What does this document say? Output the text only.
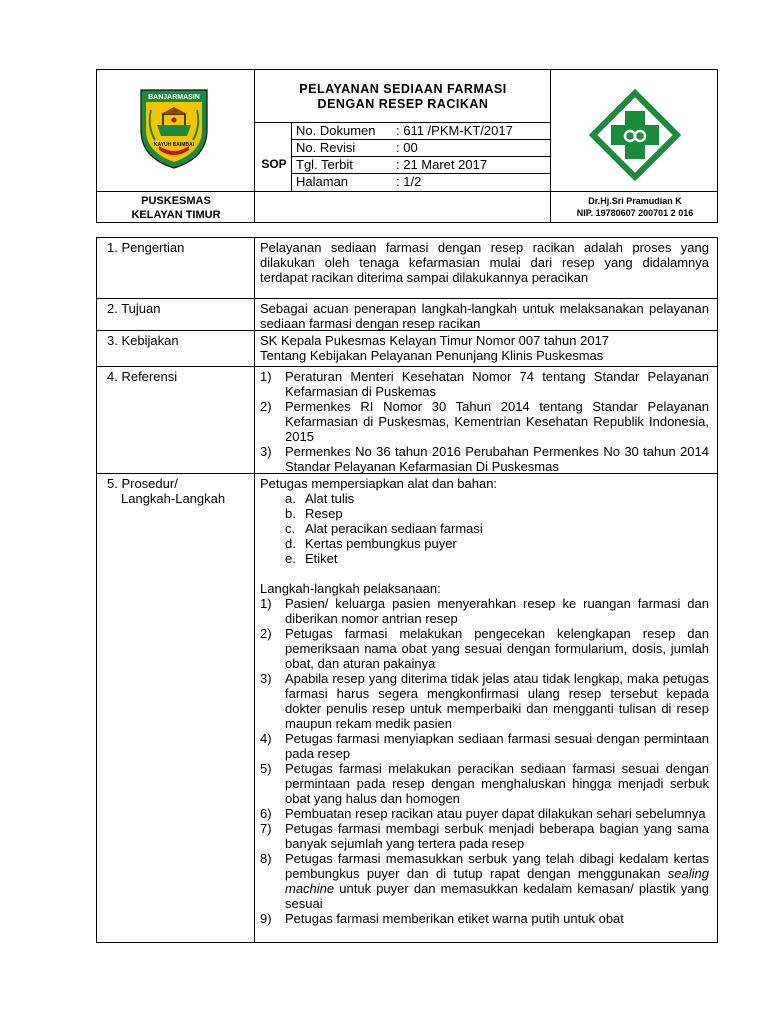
BANJARMASIN
KAYUH BAIMBAI
PUSKESMAS
KELAYAN TIMUR
PELAYANAN SEDIAAN FARMASI
DENGAN RESEP RACIKAN
SOP
No. Dokumen : 611 /PKM-KT/2017
No. Revisi	: 00
Tgl. Terbit	: 21 Maret 2017
Halaman	: 1/2
Dr.Hj.Sri Pramudian K
NIP. 19780607 200701 2 016
1. Pengertian	Pelayanan sediaan farmasi dengan resep racikan adalah proses yang dilakukan oleh tenaga kefarmasian mulai dari resep yang didalamnya terdapat racikan diterima sampai dilakukannya peracikan

2. Tujuan	Sebagai acuan penerapan langkah-langkah untuk melaksanakan pelayanan sediaan farmasi dengan resep racikan

3. Kebijakan	SK Kepala Pukesmas Kelayan Timur Nomor 007 tahun 2017

Tentang Kebijakan Pelayanan Penunjang Klinis Puskesmas

4. Referensi	1) Peraturan Menteri Kesehatan Nomor 74 tentang Standar Pelayanan Kefarmasian di Puskemas
2) Permenkes RI Nomor 30 Tahun 2014 tentang Standar Pelayanan Kefarmasian di Puskesmas, Kementrian Kesehatan Republik Indonesia, 2015
3) Permenkes No 36 tahun 2016 Perubahan Permenkes No 30 tahun 2014 Standar Pelayanan Kefarmasian Di Puskesmas
5. Prosedur/
Langkah-Langkah

Petugas mempersiapkan alat dan bahan:

a. Alat tulis
b. Resep
c. Alat peracikan sediaan farmasi
d. Kertas pembungkus puyer
e. Etiket

Langkah-langkah pelaksanaan:

1) Pasien/ keluarga pasien menyerahkan resep ke ruangan farmasi dan diberikan nomor antrian resep
2) Petugas farmasi melakukan pengecekan kelengkapan resep dan pemeriksaan nama obat yang sesuai dengan formularium, dosis, jumlah obat, dan aturan pakainya
3) Apabila resep yang diterima tidak jelas atau tidak lengkap, maka petugas farmasi harus segera mengkonfirmasi ulang resep tersebut kepada dokter penulis resep untuk memperbaiki dan mengganti tulisan di resep maupun rekam medik pasien
4) Petugas farmasi menyiapkan sediaan farmasi sesuai dengan permintaan pada resep
5) Petugas farmasi melakukan peracikan sediaan farmasi sesuai dengan permintaan pada resep dengan menghaluskan hingga menjadi serbuk obat yang halus dan homogen
6) Pembuatan resep racikan atau puyer dapat dilakukan sehari sebelumnya
7) Petugas farmasi membagi serbuk menjadi beberapa bagian yang sama banyak sejumlah yang tertera pada resep
8) Petugas farmasi memasukkan serbuk yang telah dibagi kedalam kertas pembungkus puyer dan di tutup rapat dengan menggunakan sealing machine untuk puyer dan memasukkan kedalam kemasan/ plastik yang sesuai
9) Petugas farmasi memberikan etiket warna putih untuk obat
